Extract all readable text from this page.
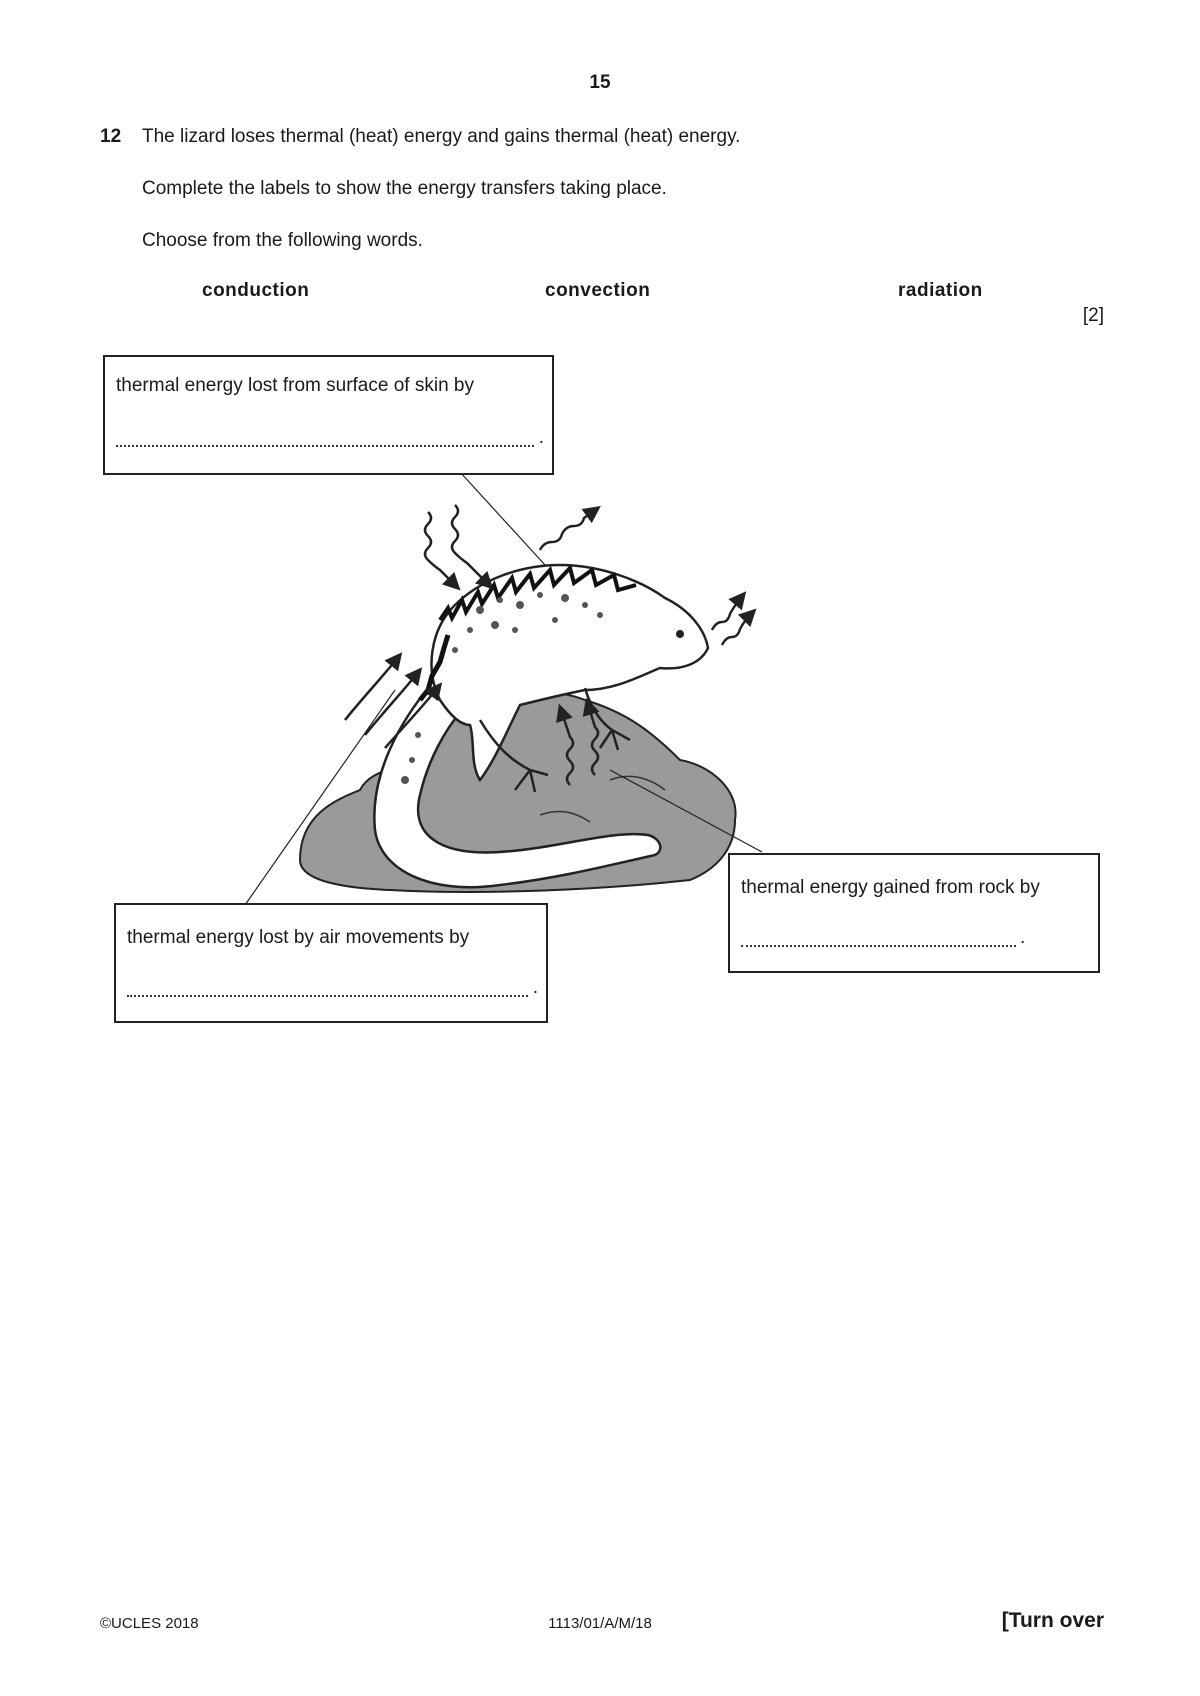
15
12 The lizard loses thermal (heat) energy and gains thermal (heat) energy.
Complete the labels to show the energy transfers taking place.
Choose from the following words.
conduction	convection	radiation
[2]
thermal energy lost from surface of skin by
.
thermal energy lost by air movements by
.
thermal energy gained from rock by
.
©UCLES 2018	1113/01/A/M/18	[Turn over
